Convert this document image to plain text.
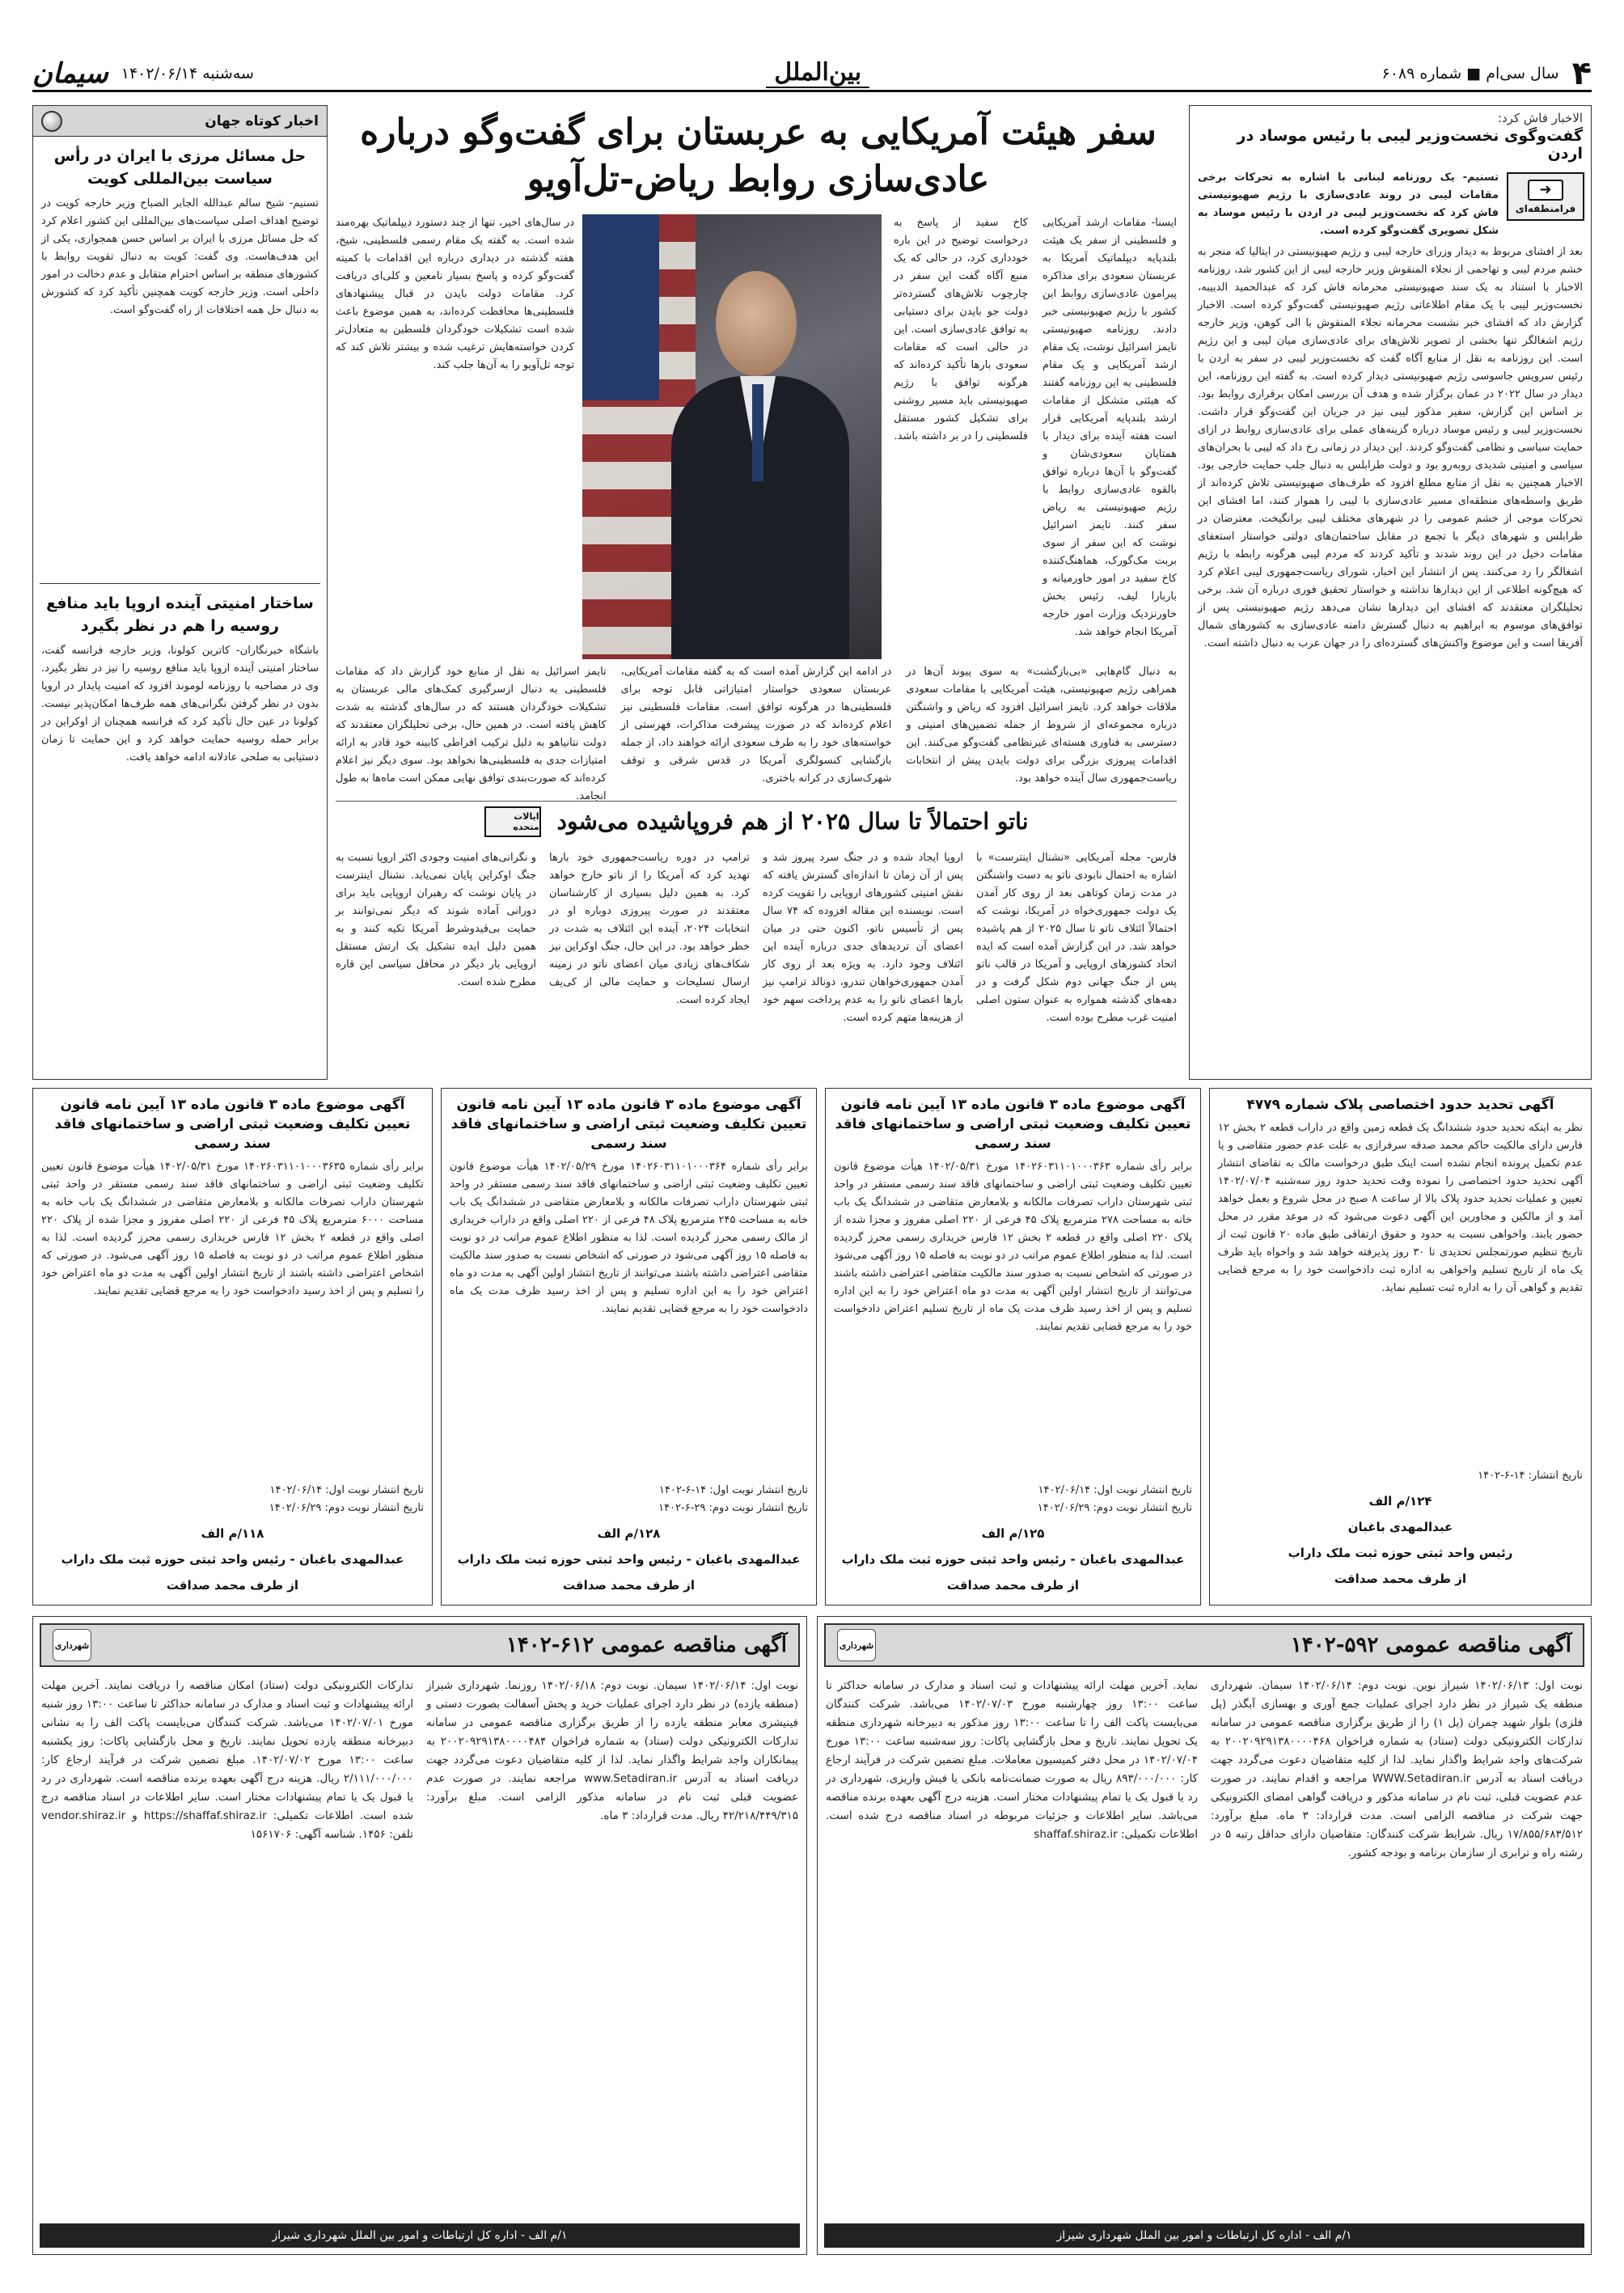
۴
سال سی‌ام ■ شماره ۶۰۸۹
بین‌الملل
سه‌شنبه ۱۴۰۲/۰۶/۱۴
سیمان
الاخبار فاش کرد:
گفت‌وگوی نخست‌وزیر لیبی با رئیس موساد در اردن
➜
فرامنطقه‌ای
تسنیم- یک روزنامه لبنانی با اشاره به تحرکات برخی مقامات لیبی در روند عادی‌سازی با رژیم صهیونیستی فاش کرد که نخست‌وزیر لیبی در اردن با رئیس موساد به شکل تصویری گفت‌وگو کرده است.
بعد از افشای مربوط به دیدار وزرای خارجه لیبی و رژیم صهیونیستی در ایتالیا که منجر به خشم مردم لیبی و تهاجمی از نجلاء المنقوش وزیر خارجه لیبی از این کشور شد، روزنامه الاخبار با استناد به یک سند صهیونیستی محرمانه فاش کرد که عبدالحمید الدبیبه، نخست‌وزیر لیبی با یک مقام اطلاعاتی رژیم صهیونیستی گفت‌وگو کرده است. الاخبار گزارش داد که افشای خبر نشست محرمانه نجلاء المنقوش با الی کوهن، وزیر خارجه رژیم اشغالگر تنها بخشی از تصویر تلاش‌های برای عادی‌سازی میان لیبی و این رژیم است. این روزنامه به نقل از منابع آگاه گفت که نخست‌وزیر لیبی در سفر به اردن با رئیس سرویس جاسوسی رژیم صهیونیستی دیدار کرده است. به گفته این روزنامه، این دیدار در سال ۲۰۲۲ در عمان برگزار شده و هدف آن بررسی امکان برقراری روابط بود. بر اساس این گزارش، سفیر مذکور لیبی نیز در جریان این گفت‌وگو قرار داشت. نخست‌وزیر لیبی و رئیس موساد درباره گزینه‌های عملی برای عادی‌سازی روابط در ازای حمایت سیاسی و نظامی گفت‌وگو کردند. این دیدار در زمانی رخ داد که لیبی با بحران‌های سیاسی و امنیتی شدیدی روبه‌رو بود و دولت طرابلس به دنبال جلب حمایت خارجی بود. الاخبار همچنین به نقل از منابع مطلع افزود که طرف‌های صهیونیستی تلاش کرده‌اند از طریق واسطه‌های منطقه‌ای مسیر عادی‌سازی با لیبی را هموار کنند، اما افشای این تحرکات موجی از خشم عمومی را در شهرهای مختلف لیبی برانگیخت. معترضان در طرابلس و شهرهای دیگر با تجمع در مقابل ساختمان‌های دولتی خواستار استعفای مقامات دخیل در این روند شدند و تأکید کردند که مردم لیبی هرگونه رابطه با رژیم اشغالگر را رد می‌کنند. پس از انتشار این اخبار، شورای ریاست‌جمهوری لیبی اعلام کرد که هیچ‌گونه اطلاعی از این دیدارها نداشته و خواستار تحقیق فوری درباره آن شد. برخی تحلیلگران معتقدند که افشای این دیدارها نشان می‌دهد رژیم صهیونیستی پس از توافق‌های موسوم به ابراهیم به دنبال گسترش دامنه عادی‌سازی به کشورهای شمال آفریقا است و این موضوع واکنش‌های گسترده‌ای را در جهان عرب به دنبال داشته است.
سفر هیئت آمریکایی به عربستان برای گفت‌وگو درباره
عادی‌سازی روابط ریاض-تل‌آویو
ایسنا- مقامات ارشد آمریکایی و فلسطینی از سفر یک هیئت بلندپایه دیپلماتیک آمریکا به عربستان سعودی برای مذاکره پیرامون عادی‌سازی روابط این کشور با رژیم صهیونیستی خبر دادند. روزنامه صهیونیستی تایمز اسرائیل نوشت، یک مقام ارشد آمریکایی و یک مقام فلسطینی به این روزنامه گفتند که هیئتی متشکل از مقامات ارشد بلندپایه آمریکایی قرار است هفته آینده برای دیدار با همتایان سعودی‌شان و گفت‌وگو با آن‌ها درباره توافق بالقوه عادی‌سازی روابط با رژیم صهیونیستی به ریاض سفر کنند. تایمز اسرائیل نوشت که این سفر از سوی بربت مک‌گورک، هماهنگ‌کننده کاخ سفید در امور خاورمیانه و باربارا لیف، رئیس بخش خاورنزدیک وزارت امور خارجه آمریکا انجام خواهد شد.
کاخ سفید از پاسخ به درخواست توضیح در این باره خودداری کرد، در حالی که یک منبع آگاه گفت این سفر در چارچوب تلاش‌های گسترده‌تر دولت جو بایدن برای دستیابی به توافق عادی‌سازی است. این در حالی است که مقامات سعودی بارها تأکید کرده‌اند که هرگونه توافق با رژیم صهیونیستی باید مسیر روشنی برای تشکیل کشور مستقل فلسطینی را در بر داشته باشد.
در سال‌های اخیر، تنها از چند دستورد دیپلماتیک بهره‌مند شده است. به گفته یک مقام رسمی فلسطینی، شیخ، هفته گذشته در دیداری درباره این اقدامات با کمیته گفت‌وگو کرده و پاسخ بسیار نامعین و کلی‌ای دریافت کرد. مقامات دولت بایدن در قبال پیشنهادهای فلسطینی‌ها محافظت کرده‌اند، به همین موضوع باعث شده است تشکیلات خودگردان فلسطین به متعادل‌تر کردن خواسته‌هایش ترغیب شده و بیشتر تلاش کند که توجه تل‌آویو را به آن‌ها جلب کند.
به دنبال گام‌هایی «بی‌بازگشت» به سوی پیوند آن‌ها در همراهی رژیم صهیونیستی، هیئت آمریکایی با مقامات سعودی ملاقات خواهد کرد. تایمز اسرائیل افزود که ریاض و واشنگتن درباره مجموعه‌ای از شروط از جمله تضمین‌های امنیتی و دسترسی به فناوری هسته‌ای غیرنظامی گفت‌وگو می‌کنند. این اقدامات پیروزی بزرگی برای دولت بایدن پیش از انتخابات ریاست‌جمهوری سال آینده خواهد بود.
در ادامه این گزارش آمده است که به گفته مقامات آمریکایی، عربستان سعودی خواستار امتیازاتی قابل توجه برای فلسطینی‌ها در هرگونه توافق است. مقامات فلسطینی نیز اعلام کرده‌اند که در صورت پیشرفت مذاکرات، فهرستی از خواسته‌های خود را به طرف سعودی ارائه خواهند داد، از جمله بازگشایی کنسولگری آمریکا در قدس شرقی و توقف شهرک‌سازی در کرانه باختری.
تایمز اسرائیل به نقل از منابع خود گزارش داد که مقامات فلسطینی به دنبال ازسرگیری کمک‌های مالی عربستان به تشکیلات خودگردان هستند که در سال‌های گذشته به شدت کاهش یافته است. در همین حال، برخی تحلیلگران معتقدند که دولت نتانیاهو به دلیل ترکیب افراطی کابینه خود قادر به ارائه امتیازات جدی به فلسطینی‌ها نخواهد بود. سوی دیگر نیز اعلام کرده‌اند که صورت‌بندی توافق نهایی ممکن است ماه‌ها به طول انجامد.
ناتو احتمالاً تا سال ۲۰۲۵ از هم فروپاشیده می‌شود
ایالات متحده
فارس- مجله آمریکایی «نشنال اینترست» با اشاره به احتمال نابودی ناتو به دست واشنگتن در مدت زمان کوتاهی بعد از روی کار آمدن یک دولت جمهوری‌خواه در آمریکا، نوشت که احتمالاً ائتلاف ناتو تا سال ۲۰۲۵ از هم پاشیده خواهد شد. در این گزارش آمده است که ایده اتحاد کشورهای اروپایی و آمریکا در قالب ناتو پس از جنگ جهانی دوم شکل گرفت و در دهه‌های گذشته همواره به عنوان ستون اصلی امنیت غرب مطرح بوده است.
اروپا ایجاد شده و در جنگ سرد پیروز شد و پس از آن زمان تا اندازه‌ای گسترش یافته که نقش امنیتی کشورهای اروپایی را تقویت کرده است. نویسنده این مقاله افزوده که ۷۴ سال پس از تأسیس ناتو، اکنون حتی در میان اعضای آن تردیدهای جدی درباره آینده این ائتلاف وجود دارد. به ویژه بعد از روی کار آمدن جمهوری‌خواهان تندرو، دونالد ترامپ نیز بارها اعضای ناتو را به عدم پرداخت سهم خود از هزینه‌ها متهم کرده است.
ترامپ در دوره ریاست‌جمهوری خود بارها تهدید کرد که آمریکا را از ناتو خارج خواهد کرد. به همین دلیل بسیاری از کارشناسان معتقدند در صورت پیروزی دوباره او در انتخابات ۲۰۲۴، آینده این ائتلاف به شدت در خطر خواهد بود. در این حال، جنگ اوکراین نیز شکاف‌های زیادی میان اعضای ناتو در زمینه ارسال تسلیحات و حمایت مالی از کی‌یف ایجاد کرده است.
و نگرانی‌های امنیت وجودی اکثر اروپا نسبت به جنگ اوکراین پایان نمی‌یابد. نشنال اینترست در پایان نوشت که رهبران اروپایی باید برای دورانی آماده شوند که دیگر نمی‌توانند بر حمایت بی‌قیدوشرط آمریکا تکیه کنند و به همین دلیل ایده تشکیل یک ارتش مستقل اروپایی بار دیگر در محافل سیاسی این قاره مطرح شده است.
اخبار کوتاه جهان
حل مسائل مرزی با ایران در رأس سیاست بین‌المللی کویت
تسنیم- شیخ سالم عبدالله الجابر الصباح وزیر خارجه کویت در توضیح اهداف اصلی سیاست‌های بین‌المللی این کشور اعلام کرد که حل مسائل مرزی با ایران بر اساس حسن همجواری، یکی از این هدف‌هاست. وی گفت: کویت به دنبال تقویت روابط با کشورهای منطقه بر اساس احترام متقابل و عدم دخالت در امور داخلی است. وزیر خارجه کویت همچنین تأکید کرد که کشورش به دنبال حل همه اختلافات از راه گفت‌وگو است.
ساختار امنیتی آینده اروپا باید منافع روسیه را هم در نظر بگیرد
باشگاه خبرنگاران- کاترین کولونا، وزیر خارجه فرانسه گفت، ساختار امنیتی آینده اروپا باید منافع روسیه را نیز در نظر بگیرد. وی در مصاحبه با روزنامه لوموند افزود که امنیت پایدار در اروپا بدون در نظر گرفتن نگرانی‌های همه طرف‌ها امکان‌پذیر نیست. کولونا در عین حال تأکید کرد که فرانسه همچنان از اوکراین در برابر حمله روسیه حمایت خواهد کرد و این حمایت تا زمان دستیابی به صلحی عادلانه ادامه خواهد یافت.
آگهی تحدید حدود اختصاصی پلاک شماره ۴۷۷۹
نظر به اینکه تحدید حدود ششدانگ یک قطعه زمین واقع در داراب قطعه ۲ بخش ۱۲ فارس دارای مالکیت حاکم محمد صدقه سرفرازی به علت عدم حضور متقاضی و یا عدم تکمیل پرونده انجام نشده است اینک طبق درخواست مالک به تقاضای انتشار آگهی تحدید حدود اختصاصی را نموده وقت تحدید حدود روز سه‌شنبه ۱۴۰۲/۰۷/۰۴ تعیین و عملیات تحدید حدود پلاک بالا از ساعت ۸ صبح در محل شروع و بعمل خواهد آمد و از مالکین و مجاورین این آگهی دعوت می‌شود که در موعد مقرر در محل حضور یابند. واخواهی نسبت به حدود و حقوق ارتفاقی طبق ماده ۲۰ قانون ثبت از تاریخ تنظیم صورتمجلس تحدیدی تا ۳۰ روز پذیرفته خواهد شد و واخواه باید ظرف یک ماه از تاریخ تسلیم واخواهی به اداره ثبت دادخواست خود را به مرجع قضایی تقدیم و گواهی آن را به اداره ثبت تسلیم نماید.
تاریخ انتشار: ۱۴-۶-۱۴۰۲
۱۲۴/م الف
عبدالمهدی باغبان
رئیس واحد ثبتی حوزه ثبت ملک داراب
از طرف محمد صداقت
آگهی موضوع ماده ۳ قانون ماده ۱۳ آیین نامه قانون تعیین تکلیف وضعیت ثبتی اراضی و ساختمانهای فاقد سند رسمی
برابر رأی شماره ۱۴۰۲۶۰۳۱۱۰۱۰۰۰۳۶۳ مورخ ۱۴۰۲/۰۵/۳۱ هیأت موضوع قانون تعیین تکلیف وضعیت ثبتی اراضی و ساختمانهای فاقد سند رسمی مستقر در واحد ثبتی شهرستان داراب تصرفات مالکانه و بلامعارض متقاضی در ششدانگ یک باب خانه به مساحت ۲۷۸ مترمربع پلاک ۴۵ فرعی از ۲۲۰ اصلی مفروز و مجزا شده از پلاک ۲۲۰ اصلی واقع در قطعه ۲ بخش ۱۲ فارس خریداری رسمی محرز گردیده است. لذا به منظور اطلاع عموم مراتب در دو نوبت به فاصله ۱۵ روز آگهی می‌شود در صورتی که اشخاص نسبت به صدور سند مالکیت متقاضی اعتراضی داشته باشند می‌توانند از تاریخ انتشار اولین آگهی به مدت دو ماه اعتراض خود را به این اداره تسلیم و پس از اخذ رسید ظرف مدت یک ماه از تاریخ تسلیم اعتراض دادخواست خود را به مرجع قضایی تقدیم نمایند.
تاریخ انتشار نوبت اول: ۱۴۰۲/۰۶/۱۴
تاریخ انتشار نوبت دوم: ۱۴۰۲/۰۶/۲۹
۱۲۵/م الف
عبدالمهدی باغبان - رئیس واحد ثبتی حوزه ثبت ملک داراب
از طرف محمد صداقت
آگهی موضوع ماده ۳ قانون ماده ۱۳ آیین نامه قانون تعیین تکلیف وضعیت ثبتی اراضی و ساختمانهای فاقد سند رسمی
برابر رأی شماره ۱۴۰۲۶۰۳۱۱۰۱۰۰۰۳۶۴ مورخ ۱۴۰۲/۰۵/۲۹ هیأت موضوع قانون تعیین تکلیف وضعیت ثبتی اراضی و ساختمانهای فاقد سند رسمی مستقر در واحد ثبتی شهرستان داراب تصرفات مالکانه و بلامعارض متقاضی در ششدانگ یک باب خانه به مساحت ۲۴۵ مترمربع پلاک ۴۸ فرعی از ۲۲۰ اصلی واقع در داراب خریداری از مالک رسمی محرز گردیده است. لذا به منظور اطلاع عموم مراتب در دو نوبت به فاصله ۱۵ روز آگهی می‌شود در صورتی که اشخاص نسبت به صدور سند مالکیت متقاضی اعتراضی داشته باشند می‌توانند از تاریخ انتشار اولین آگهی به مدت دو ماه اعتراض خود را به این اداره تسلیم و پس از اخذ رسید ظرف مدت یک ماه دادخواست خود را به مرجع قضایی تقدیم نمایند.
تاریخ انتشار نوبت اول: ۱۴-۶-۱۴۰۲
تاریخ انتشار نوبت دوم: ۲۹-۶-۱۴۰۲
۱۲۸/م الف
عبدالمهدی باغبان - رئیس واحد ثبتی حوزه ثبت ملک داراب
از طرف محمد صداقت
آگهی موضوع ماده ۳ قانون ماده ۱۳ آیین نامه قانون تعیین تکلیف وضعیت ثبتی اراضی و ساختمانهای فاقد سند رسمی
برابر رأی شماره ۱۴۰۲۶۰۳۱۱۰۱۰۰۰۳۶۳۵ مورخ ۱۴۰۲/۰۵/۳۱ هیأت موضوع قانون تعیین تکلیف وضعیت ثبتی اراضی و ساختمانهای فاقد سند رسمی مستقر در واحد ثبتی شهرستان داراب تصرفات مالکانه و بلامعارض متقاضی در ششدانگ یک باب خانه به مساحت ۶۰۰۰ مترمربع پلاک ۴۵ فرعی از ۲۲۰ اصلی مفروز و مجزا شده از پلاک ۲۲۰ اصلی واقع در قطعه ۲ بخش ۱۲ فارس خریداری رسمی محرز گردیده است. لذا به منظور اطلاع عموم مراتب در دو نوبت به فاصله ۱۵ روز آگهی می‌شود. در صورتی که اشخاص اعتراضی داشته باشند از تاریخ انتشار اولین آگهی به مدت دو ماه اعتراض خود را تسلیم و پس از اخذ رسید دادخواست خود را به مرجع قضایی تقدیم نمایند.
تاریخ انتشار نوبت اول: ۱۴۰۲/۰۶/۱۴
تاریخ انتشار نوبت دوم: ۱۴۰۲/۰۶/۲۹
۱۱۸/م الف
عبدالمهدی باغبان - رئیس واحد ثبتی حوزه ثبت ملک داراب
از طرف محمد صداقت
آگهی مناقصه عمومی ۵۹۲-۱۴۰۲
شهرداری
نوبت اول: ۱۴۰۲/۰۶/۱۳ شیراز نوین. نوبت دوم: ۱۴۰۲/۰۶/۱۴ سیمان. شهرداری منطقه یک شیراز در نظر دارد اجرای عملیات جمع آوری و بهسازی آبگذر (پل فلزی) بلوار شهید چمران (پل ۱) را از طریق برگزاری مناقصه عمومی در سامانه تدارکات الکترونیکی دولت (ستاد) به شماره فراخوان ۲۰۰۲۰۹۲۹۱۳۸۰۰۰۰۴۶۸ به شرکت‌های واجد شرایط واگذار نماید. لذا از کلیه متقاضیان دعوت می‌گردد جهت دریافت اسناد به آدرس WWW.Setadiran.ir مراجعه و اقدام نمایند. در صورت عدم عضویت قبلی، ثبت نام در سامانه مذکور و دریافت گواهی امضای الکترونیکی جهت شرکت در مناقصه الزامی است. مدت قرارداد: ۳ ماه. مبلغ برآورد: ۱۷/۸۵۵/۶۸۳/۵۱۲ ریال. شرایط شرکت کنندگان: متقاضیان دارای حداقل رتبه ۵ در رشته راه و ترابری از سازمان برنامه و بودجه کشور.
نماید. آخرین مهلت ارائه پیشنهادات و ثبت اسناد و مدارک در سامانه حداکثر تا ساعت ۱۳:۰۰ روز چهارشنبه مورخ ۱۴۰۲/۰۷/۰۳ می‌باشد. شرکت کنندگان می‌بایست پاکت الف را تا ساعت ۱۳:۰۰ روز مذکور به دبیرخانه شهرداری منطقه یک تحویل نمایند. تاریخ و محل بازگشایی پاکات: روز سه‌شنبه ساعت ۱۳:۰۰ مورخ ۱۴۰۲/۰۷/۰۴ در محل دفتر کمیسیون معاملات. مبلغ تضمین شرکت در فرآیند ارجاع کار: ۸۹۳/۰۰۰/۰۰۰ ریال به صورت ضمانت‌نامه بانکی یا فیش واریزی. شهرداری در رد یا قبول یک یا تمام پیشنهادات مختار است. هزینه درج آگهی بعهده برنده مناقصه می‌باشد. سایر اطلاعات و جزئیات مربوطه در اسناد مناقصه درج شده است. اطلاعات تکمیلی: shaffaf.shiraz.ir
۱/م الف - اداره کل ارتباطات و امور بین الملل شهرداری شیراز
آگهی مناقصه عمومی ۶۱۲-۱۴۰۲
شهرداری
نوبت اول: ۱۴۰۲/۰۶/۱۴ سیمان. نوبت دوم: ۱۴۰۲/۰۶/۱۸ روزنما. شهرداری شیراز (منطقه یازده) در نظر دارد اجرای عملیات خرید و پخش آسفالت بصورت دستی و فینیشری معابر منطقه یازده را از طریق برگزاری مناقصه عمومی در سامانه تدارکات الکترونیکی دولت (ستاد) به شماره فراخوان ۲۰۰۲۰۹۲۹۱۳۸۰۰۰۰۴۸۴ به پیمانکاران واجد شرایط واگذار نماید. لذا از کلیه متقاضیان دعوت می‌گردد جهت دریافت اسناد به آدرس www.Setadiran.ir مراجعه نمایند. در صورت عدم عضویت قبلی ثبت نام در سامانه مذکور الزامی است. مبلغ برآورد: ۴۲/۲۱۸/۴۴۹/۳۱۵ ریال. مدت قرارداد: ۳ ماه.
تدارکات الکترونیکی دولت (ستاد) امکان مناقصه را دریافت نمایند. آخرین مهلت ارائه پیشنهادات و ثبت اسناد و مدارک در سامانه حداکثر تا ساعت ۱۳:۰۰ روز شنبه مورخ ۱۴۰۲/۰۷/۰۱ می‌باشد. شرکت کنندگان می‌بایست پاکت الف را به نشانی دبیرخانه منطقه یازده تحویل نمایند. تاریخ و محل بازگشایی پاکات: روز یکشنبه ساعت ۱۳:۰۰ مورخ ۱۴۰۲/۰۷/۰۲. مبلغ تضمین شرکت در فرآیند ارجاع کار: ۲/۱۱۱/۰۰۰/۰۰۰ ریال. هزینه درج آگهی بعهده برنده مناقصه است. شهرداری در رد یا قبول یک یا تمام پیشنهادات مختار است. سایر اطلاعات در اسناد مناقصه درج شده است. اطلاعات تکمیلی: https://shaffaf.shiraz.ir و vendor.shiraz.ir تلفن: ۱۴۵۶. شناسه آگهی: ۱۵۶۱۷۰۶
۱/م الف - اداره کل ارتباطات و امور بین الملل شهرداری شیراز
